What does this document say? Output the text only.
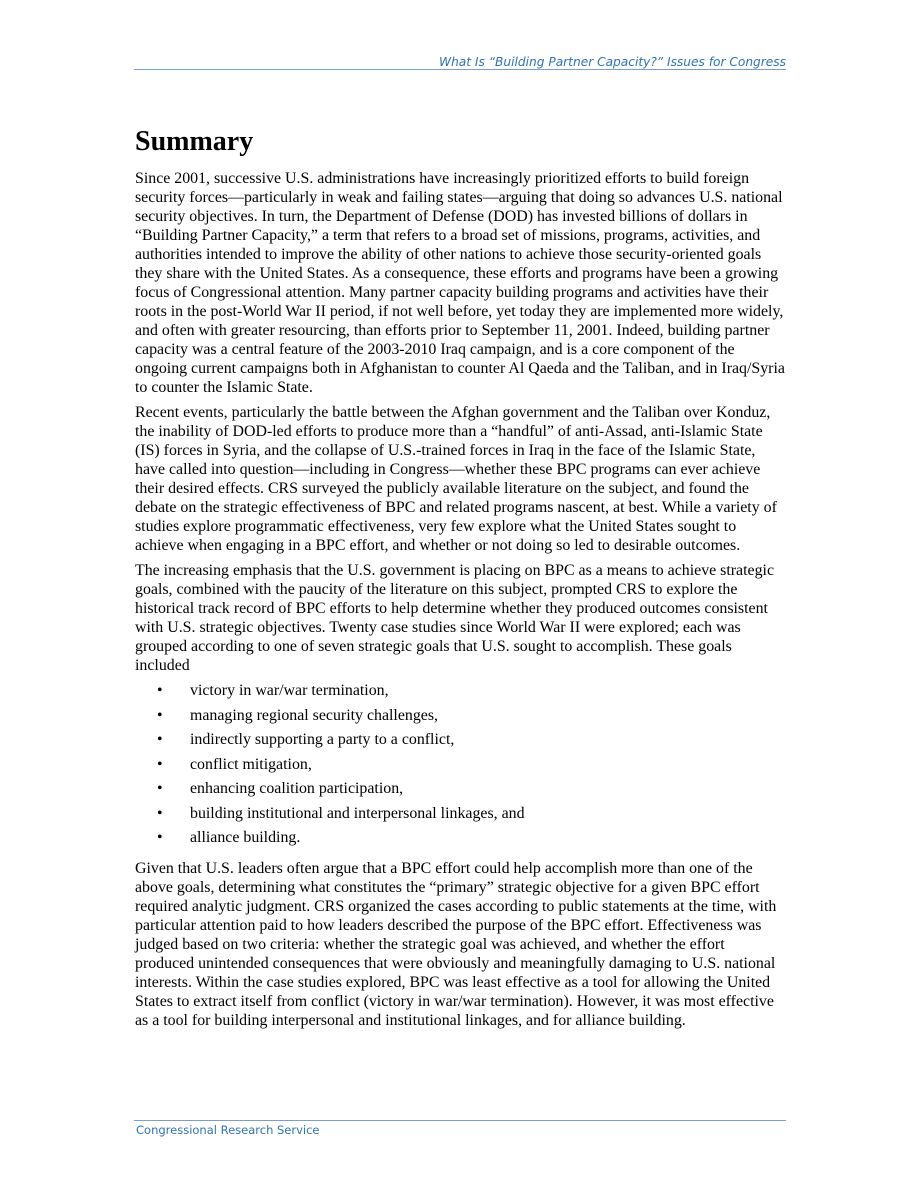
What Is “Building Partner Capacity?” Issues for Congress
Summary

Since 2001, successive U.S. administrations have increasingly prioritized efforts to build foreign security forces—particularly in weak and failing states—arguing that doing so advances U.S. national security objectives. In turn, the Department of Defense (DOD) has invested billions of dollars in “Building Partner Capacity,” a term that refers to a broad set of missions, programs, activities, and authorities intended to improve the ability of other nations to achieve those security-oriented goals they share with the United States. As a consequence, these efforts and programs have been a growing focus of Congressional attention. Many partner capacity building programs and activities have their roots in the post-World War II period, if not well before, yet today they are implemented more widely, and often with greater resourcing, than efforts prior to September 11, 2001. Indeed, building partner capacity was a central feature of the 2003-2010 Iraq campaign, and is a core component of the ongoing current campaigns both in Afghanistan to counter Al Qaeda and the Taliban, and in Iraq/Syria to counter the Islamic State.

Recent events, particularly the battle between the Afghan government and the Taliban over Konduz, the inability of DOD-led efforts to produce more than a “handful” of anti-Assad, anti-Islamic State (IS) forces in Syria, and the collapse of U.S.-trained forces in Iraq in the face of the Islamic State, have called into question—including in Congress—whether these BPC programs can ever achieve their desired effects. CRS surveyed the publicly available literature on the subject, and found the debate on the strategic effectiveness of BPC and related programs nascent, at best. While a variety of studies explore programmatic effectiveness, very few explore what the United States sought to achieve when engaging in a BPC effort, and whether or not doing so led to desirable outcomes.

The increasing emphasis that the U.S. government is placing on BPC as a means to achieve strategic goals, combined with the paucity of the literature on this subject, prompted CRS to explore the historical track record of BPC efforts to help determine whether they produced outcomes consistent with U.S. strategic objectives. Twenty case studies since World War II were explored; each was grouped according to one of seven strategic goals that U.S. sought to accomplish. These goals included

• victory in war/war termination,
• managing regional security challenges,
• indirectly supporting a party to a conflict,
• conflict mitigation,
• enhancing coalition participation,
• building institutional and interpersonal linkages, and
• alliance building.

Given that U.S. leaders often argue that a BPC effort could help accomplish more than one of the above goals, determining what constitutes the “primary” strategic objective for a given BPC effort required analytic judgment. CRS organized the cases according to public statements at the time, with particular attention paid to how leaders described the purpose of the BPC effort. Effectiveness was judged based on two criteria: whether the strategic goal was achieved, and whether the effort produced unintended consequences that were obviously and meaningfully damaging to U.S. national interests. Within the case studies explored, BPC was least effective as a tool for allowing the United States to extract itself from conflict (victory in war/war termination). However, it was most effective as a tool for building interpersonal and institutional linkages, and for alliance building.

Congressional Research Service
